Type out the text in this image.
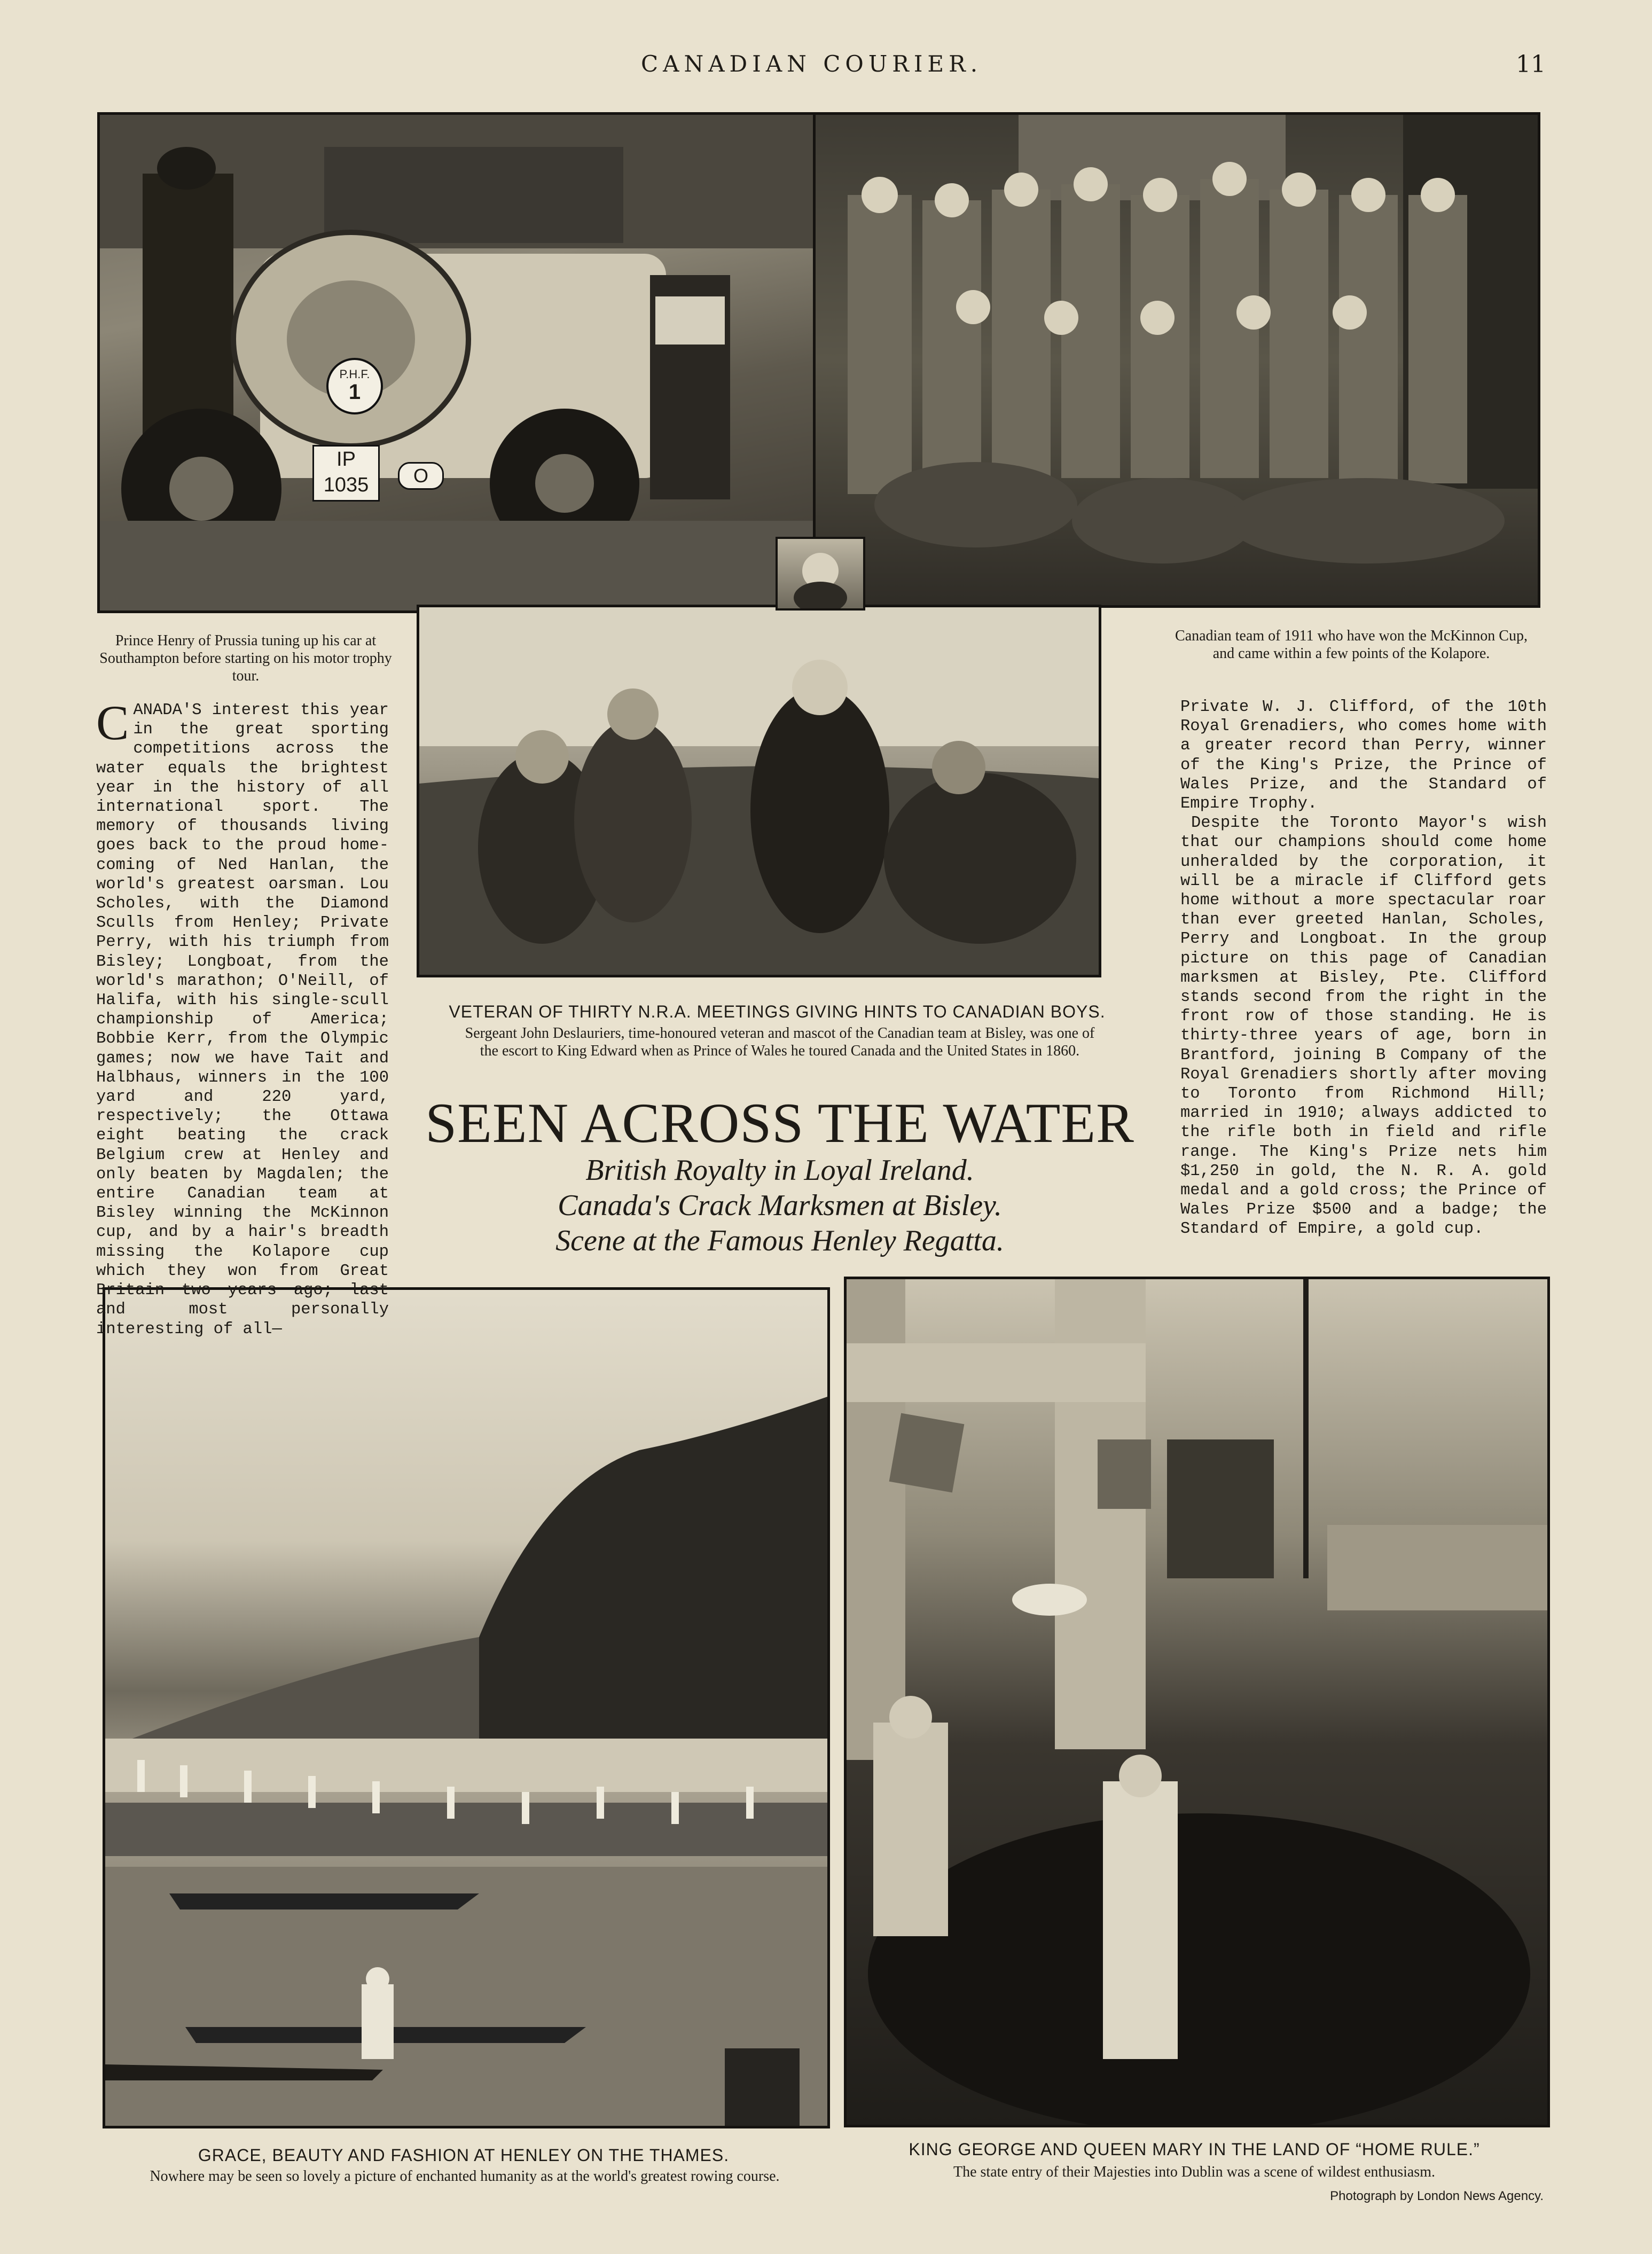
CANADIAN COURIER.	11
P.H.F.
1
IP
1035	O
Prince Henry of Prussia tuning up his car at Southampton before starting on his motor trophy tour.
Canadian team of 1911 who have won the McKinnon Cup, and came within a few points of the Kolapore.
VETERAN OF THIRTY N.R.A. MEETINGS GIVING HINTS TO CANADIAN BOYS.
Sergeant John Deslauriers, time-honoured veteran and mascot of the Canadian team at Bisley, was one of the escort to King Edward when as Prince of Wales he toured Canada and the United States in 1860.

CANADA'S interest this year in the great sporting competitions across the water equals the brightest year in the history of all international sport. The memory of thousands living goes back to the proud home-coming of Ned Hanlan, the world's greatest oarsman. Lou Scholes, with the Diamond Sculls from Henley; Private Perry, with his triumph from Bisley; Longboat, from the world's marathon; O'Neill, of Halifa, with his single-scull championship of America; Bobbie Kerr, from the Olympic games; now we have Tait and Halbhaus, winners in the 100 yard and 220 yard, respectively; the Ottawa eight beating the crack Belgium crew at Henley and only beaten by Magdalen; the entire Canadian team at Bisley winning the McKinnon cup, and by a hair's breadth missing the Kolapore cup which they won from Great Britain two years ago; last and most personally interesting of all—

Private W. J. Clifford, of the 10th Royal Grenadiers, who comes home with a greater record than Perry, winner of the King's Prize, the Prince of Wales Prize, and the Standard of Empire Trophy.

Despite the Toronto Mayor's wish that our champions should come home unheralded by the corporation, it will be a miracle if Clifford gets home without a more spectacular roar than ever greeted Hanlan, Scholes, Perry and Longboat. In the group picture on this page of Canadian marksmen at Bisley, Pte. Clifford stands second from the right in the front row of those standing. He is thirty-three years of age, born in Brantford, joining B Company of the Royal Grenadiers shortly after moving to Toronto from Richmond Hill; married in 1910; always addicted to the rifle both in field and rifle range. The King's Prize nets him $1,250 in gold, the N. R. A. gold medal and a gold cross; the Prince of Wales Prize $500 and a badge; the Standard of Empire, a gold cup.

SEEN ACROSS THE WATER
British Royalty in Loyal Ireland.
Canada's Crack Marksmen at Bisley.
Scene at the Famous Henley Regatta.
GRACE, BEAUTY AND FASHION AT HENLEY ON THE THAMES.
Nowhere may be seen so lovely a picture of enchanted humanity as at the world's greatest rowing course.
KING GEORGE AND QUEEN MARY IN THE LAND OF “HOME RULE.”
The state entry of their Majesties into Dublin was a scene of wildest enthusiasm.
Photograph by London News Agency.
